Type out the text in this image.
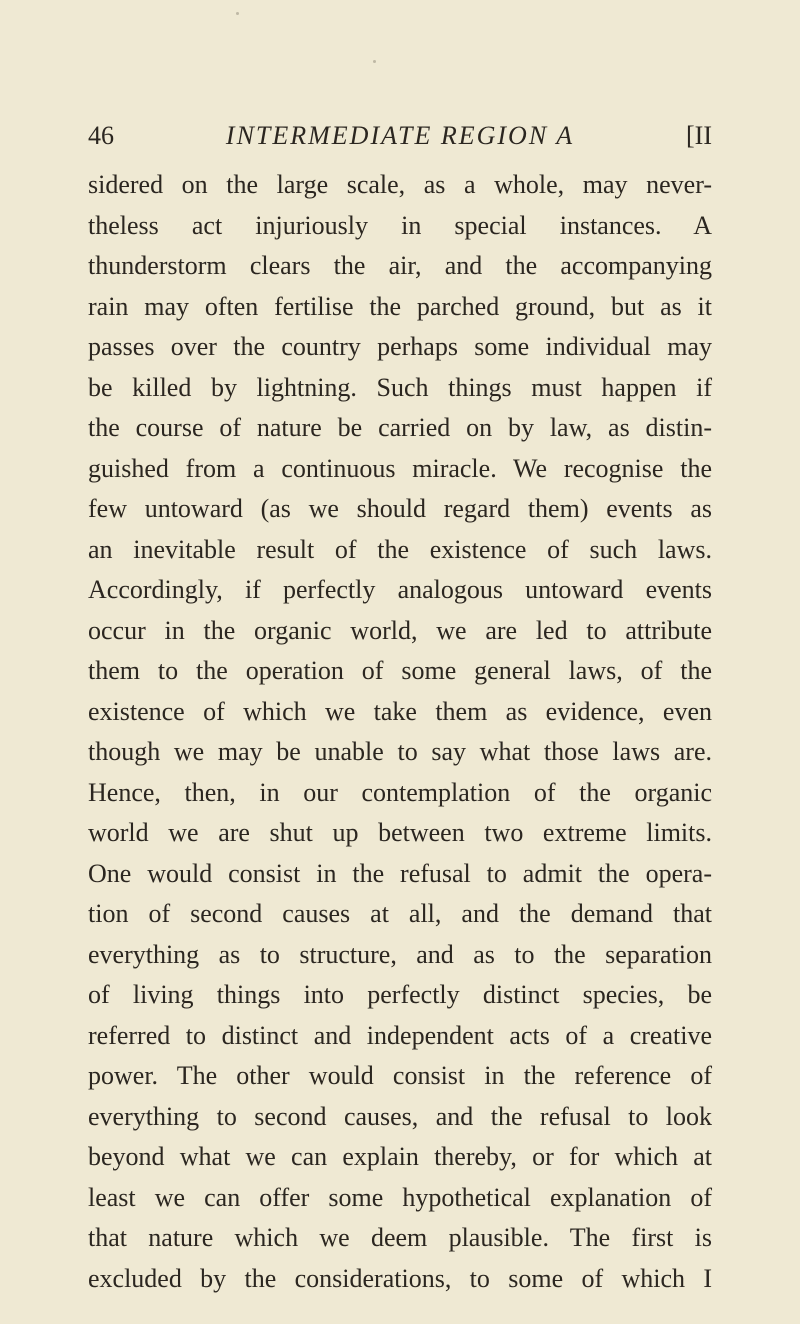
46	INTERMEDIATE REGION A	[II
sidered on the large scale, as a whole, may never-
theless act injuriously in special instances. A
thunderstorm clears the air, and the accompanying
rain may often fertilise the parched ground, but as it
passes over the country perhaps some individual may
be killed by lightning. Such things must happen if
the course of nature be carried on by law, as distin-
guished from a continuous miracle. We recognise the
few untoward (as we should regard them) events as
an inevitable result of the existence of such laws.
Accordingly, if perfectly analogous untoward events
occur in the organic world, we are led to attribute
them to the operation of some general laws, of the
existence of which we take them as evidence, even
though we may be unable to say what those laws are.
Hence, then, in our contemplation of the organic
world we are shut up between two extreme limits.
One would consist in the refusal to admit the opera-
tion of second causes at all, and the demand that
everything as to structure, and as to the separation
of living things into perfectly distinct species, be
referred to distinct and independent acts of a creative
power. The other would consist in the reference of
everything to second causes, and the refusal to look
beyond what we can explain thereby, or for which at
least we can offer some hypothetical explanation of
that nature which we deem plausible. The first is
excluded by the considerations, to some of which I
